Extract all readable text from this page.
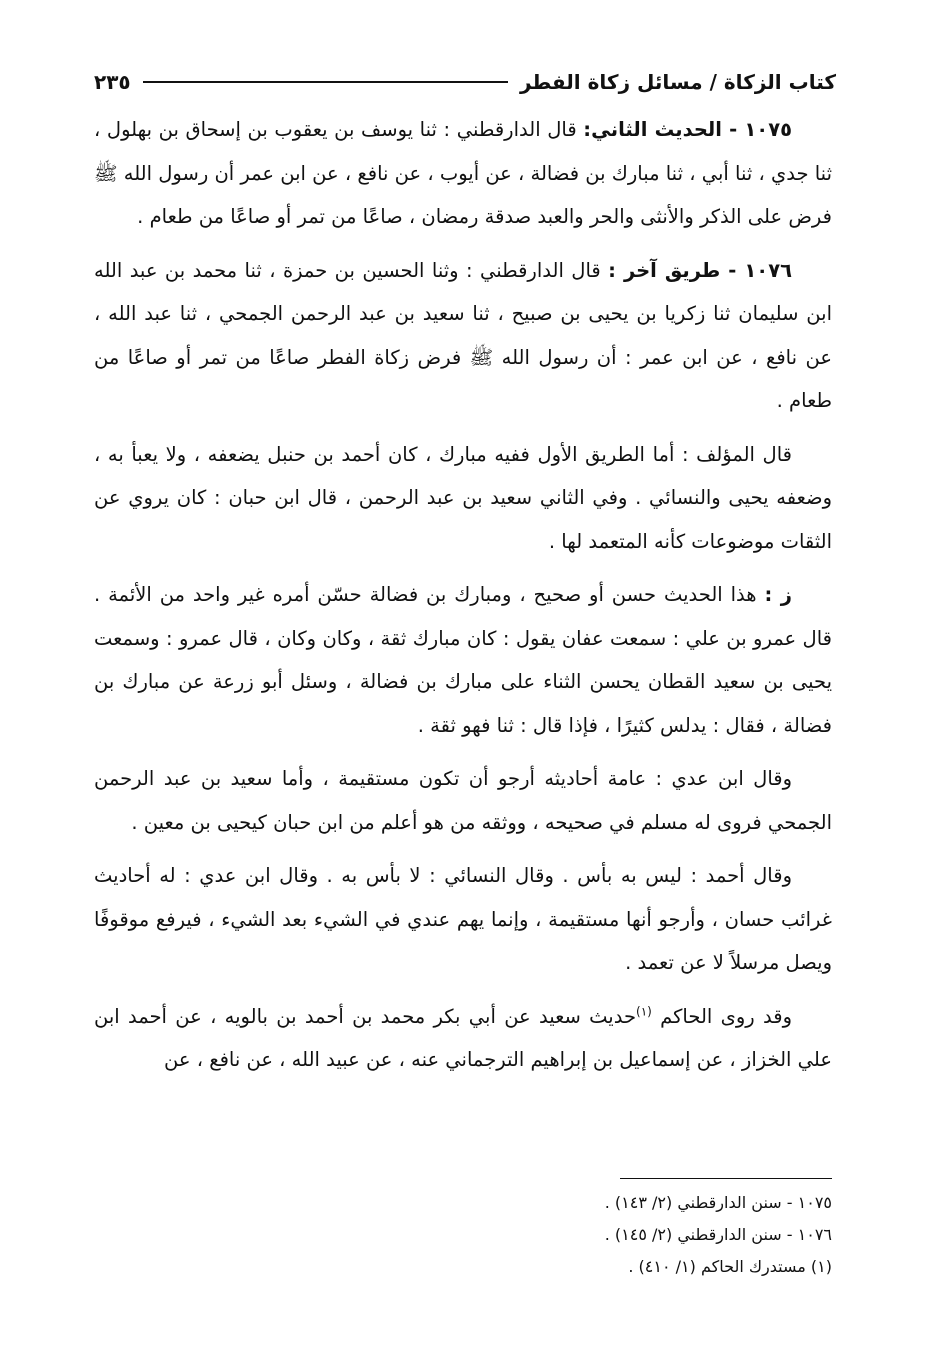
كتاب الزكاة / مسائل زكاة الفطر
٢٣٥

١٠٧٥ - الحديث الثاني: قال الدارقطني : ثنا يوسف بن يعقوب بن إسحاق بن بهلول ، ثنا جدي ، ثنا أبي ، ثنا مبارك بن فضالة ، عن أيوب ، عن نافع ، عن ابن عمر أن رسول الله ﷺ فرض على الذكر والأنثى والحر والعبد صدقة رمضان ، صاعًا من تمر أو صاعًا من طعام .

١٠٧٦ - طريق آخر : قال الدارقطني : وثنا الحسين بن حمزة ، ثنا محمد بن عبد الله ابن سليمان ثنا زكريا بن يحيى بن صبيح ، ثنا سعيد بن عبد الرحمن الجمحي ، ثنا عبد الله ، عن نافع ، عن ابن عمر : أن رسول الله ﷺ فرض زكاة الفطر صاعًا من تمر أو صاعًا من طعام .

قال المؤلف : أما الطريق الأول ففيه مبارك ، كان أحمد بن حنبل يضعفه ، ولا يعبأ به ، وضعفه يحيى والنسائي . وفي الثاني سعيد بن عبد الرحمن ، قال ابن حبان : كان يروي عن الثقات موضوعات كأنه المتعمد لها .

ز : هذا الحديث حسن أو صحيح ، ومبارك بن فضالة حسّن أمره غير واحد من الأئمة . قال عمرو بن علي : سمعت عفان يقول : كان مبارك ثقة ، وكان وكان ، قال عمرو : وسمعت يحيى بن سعيد القطان يحسن الثناء على مبارك بن فضالة ، وسئل أبو زرعة عن مبارك بن فضالة ، فقال : يدلس كثيرًا ، فإذا قال : ثنا فهو ثقة .

وقال ابن عدي : عامة أحاديثه أرجو أن تكون مستقيمة ، وأما سعيد بن عبد الرحمن الجمحي فروى له مسلم في صحيحه ، ووثقه من هو أعلم من ابن حبان كيحيى بن معين .

وقال أحمد : ليس به بأس . وقال النسائي : لا بأس به . وقال ابن عدي : له أحاديث غرائب حسان ، وأرجو أنها مستقيمة ، وإنما يهم عندي في الشيء بعد الشيء ، فيرفع موقوفًا ويصل مرسلاً لا عن تعمد .

وقد روى الحاكم $^{(١)}$حديث سعيد عن أبي بكر محمد بن أحمد بن بالويه ، عن أحمد ابن علي الخزاز ، عن إسماعيل بن إبراهيم الترجماني عنه ، عن عبيد الله ، عن نافع ، عن

١٠٧٥ - سنن الدارقطني (٢/ ١٤٣) .
١٠٧٦ - سنن الدارقطني (٢/ ١٤٥) .
(١) مستدرك الحاكم (١/ ٤١٠) .
